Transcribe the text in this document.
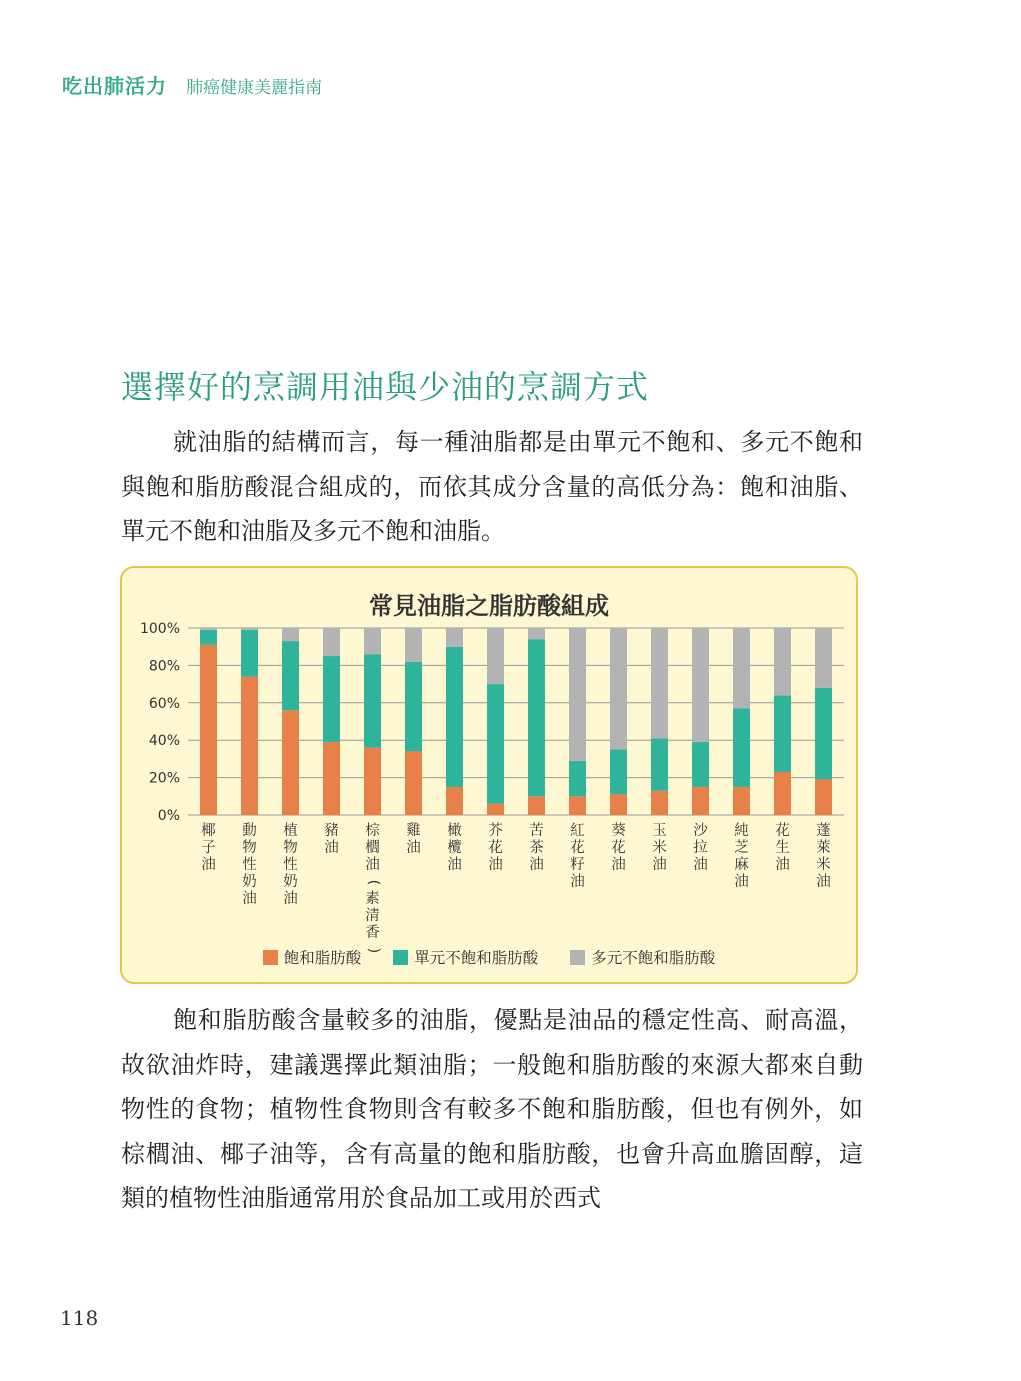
吃出肺活力 肺癌健康美麗指南
選擇好的烹調用油與少油的烹調方式

就油脂的結構而言，每一種油脂都是由單元不飽和、多元不飽和與飽和脂肪酸混合組成的，而依其成分含量的高低分為：飽和油脂、單元不飽和油脂及多元不飽和油脂。

常見油脂之脂肪酸組成
0%
20%
40%
60%
80%
100%
飽和脂肪酸	單元不飽和脂肪酸	多元不飽和脂肪酸
椰
子
油
動
物
性
奶
油
植
物
性
奶
油
豬
油
棕
櫚
油
(
素
清
香
)
雞
油
橄
欖
油
芥
花
油
苦
茶
油
紅
花
籽
油
葵
花
油
玉
米
油
沙
拉
油
純
芝
麻
油
花
生
油
蓬
萊
米
油

飽和脂肪酸含量較多的油脂，優點是油品的穩定性高、耐高溫，故欲油炸時，建議選擇此類油脂；一般飽和脂肪酸的來源大都來自動物性的食物；植物性食物則含有較多不飽和脂肪酸，但也有例外，如棕櫚油、椰子油等，含有高量的飽和脂肪酸，也會升高血膽固醇，這類的植物性油脂通常用於食品加工或用於西式

118
